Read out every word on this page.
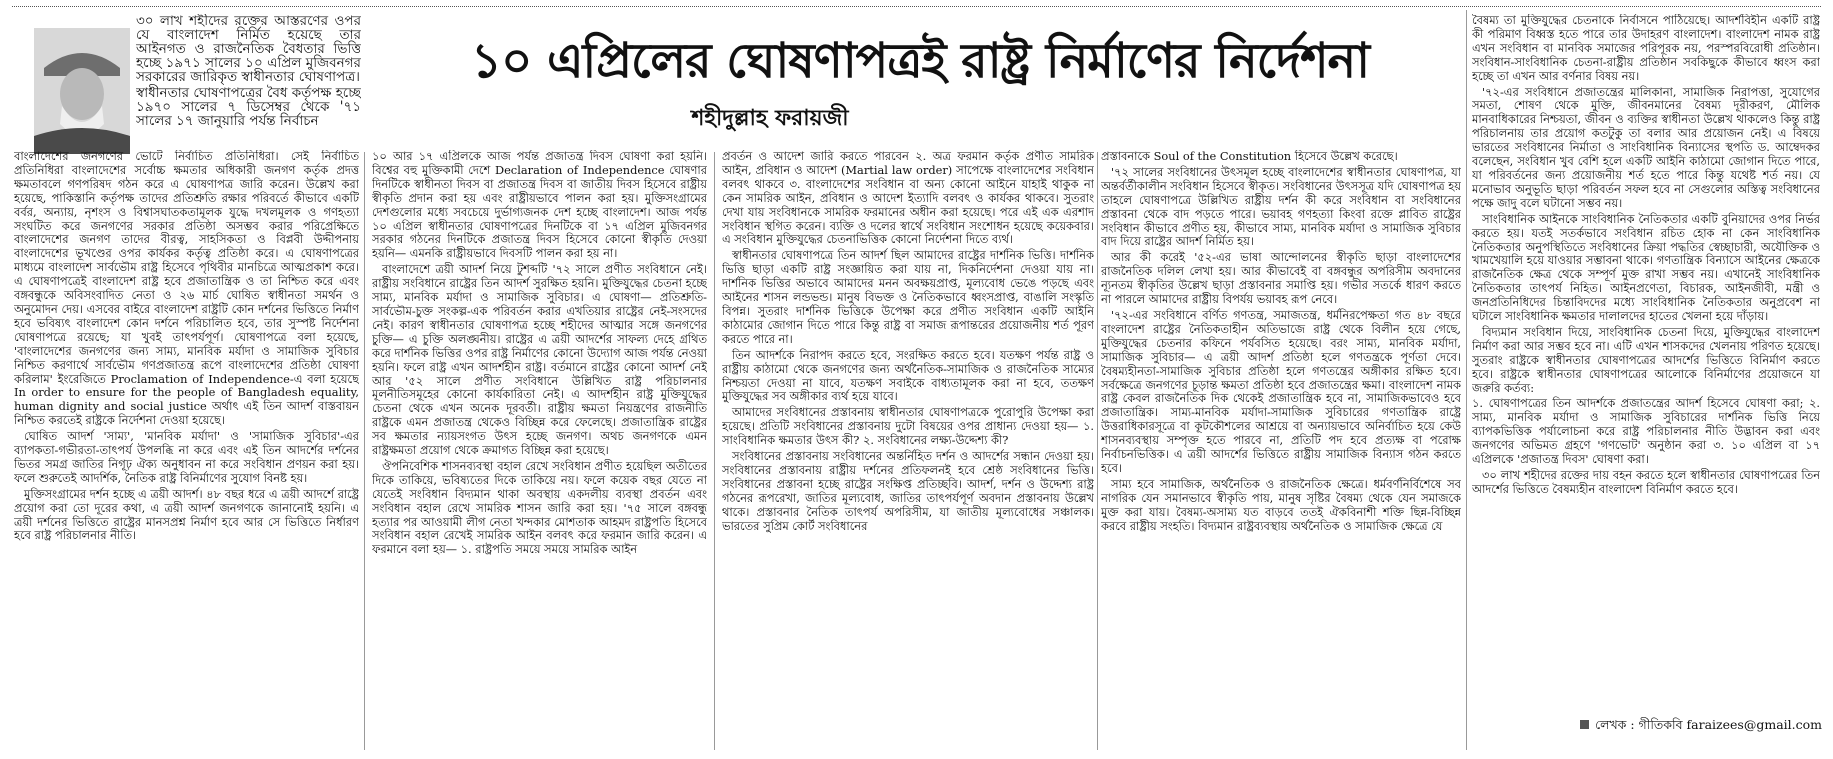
৩০ লাখ শহীদের রক্তের আস্তরণের ওপর যে বাংলাদেশ নির্মিত হয়েছে তার আইনগত ও রাজনৈতিক বৈধতার ভিত্তি হচ্ছে ১৯৭১ সালের ১০ এপ্রিল মুজিবনগর সরকারের জারিকৃত স্বাধীনতার ঘোষণাপত্র।

স্বাধীনতার ঘোষণাপত্রের বৈধ কর্তৃপক্ষ হচ্ছে ১৯৭০ সালের ৭ ডিসেম্বর থেকে '৭১ সালের ১৭ জানুয়ারি পর্যন্ত নির্বাচন

১০ এপ্রিলের ঘোষণাপত্রই রাষ্ট্র নির্মাণের নির্দেশনা
শহীদুল্লাহ ফরায়জী

বাংলাদেশের জনগণের ভোটে নির্বাচিত প্রতিনিধিরা। সেই নির্বাচিত প্রতিনিধিরা বাংলাদেশের সর্বোচ্চ ক্ষমতার অধিকারী জনগণ কর্তৃক প্রদত্ত ক্ষমতাবলে গণপরিষদ গঠন করে এ ঘোষণাপত্র জারি করেন। উল্লেখ করা হয়েছে, পাকিস্তানি কর্তৃপক্ষ তাদের প্রতিশ্রুতি রক্ষার পরিবর্তে কীভাবে একটি বর্বর, অন্যায়, নৃশংস ও বিশ্বাসঘাতকতামূলক যুদ্ধে দখলমূলক ও গণহত্যা সংঘটিত করে জনগণের সরকার প্রতিষ্ঠা অসম্ভব করার পরিপ্রেক্ষিতে বাংলাদেশের জনগণ তাদের বীরত্ব, সাহসিকতা ও বিপ্লবী উদ্দীপনায় বাংলাদেশের ভূখণ্ডের ওপর কার্যকর কর্তৃত্ব প্রতিষ্ঠা করে। এ ঘোষণাপত্রের মাধ্যমে বাংলাদেশ সার্বভৌম রাষ্ট্র হিসেবে পৃথিবীর মানচিত্রে আত্মপ্রকাশ করে। এ ঘোষণাপত্রেই বাংলাদেশ রাষ্ট্র হবে প্রজাতান্ত্রিক ও তা নিশ্চিত করে এবং বঙ্গবন্ধুকে অবিসংবাদিত নেতা ও ২৬ মার্চ ঘোষিত স্বাধীনতা সমর্থন ও অনুমোদন দেয়। এসবের বাইরে বাংলাদেশ রাষ্ট্রটি কোন দর্শনের ভিত্তিতে নির্মাণ হবে ভবিষ্যৎ বাংলাদেশ কোন দর্শনে পরিচালিত হবে, তার সুস্পষ্ট নির্দেশনা ঘোষণাপত্রে রয়েছে; যা খুবই তাৎপর্যপূর্ণ। ঘোষণাপত্রে বলা হয়েছে, 'বাংলাদেশের জনগণের জন্য সাম্য, মানবিক মর্যাদা ও সামাজিক সুবিচার নিশ্চিত করণার্থে সার্বভৌম গণপ্রজাতন্ত্র রূপে বাংলাদেশের প্রতিষ্ঠা ঘোষণা করিলাম' ইংরেজিতে Proclamation of Independence-এ বলা হয়েছে In order to ensure for the people of Bangladesh equality, human dignity and social justice অর্থাৎ এই তিন আদর্শ বাস্তবায়ন নিশ্চিত করতেই রাষ্ট্রকে নির্দেশনা দেওয়া হয়েছে।

ঘোষিত আদর্শ 'সাম্য', 'মানবিক মর্যাদা' ও 'সামাজিক সুবিচার'-এর ব্যাপকতা-গভীরতা-তাৎপর্য উপলব্ধি না করে এবং এই তিন আদর্শের দর্শনের ভিতর সমগ্র জাতির নিগূঢ় ঐক্য অনুধাবন না করে সংবিধান প্রণয়ন করা হয়। ফলে শুরুতেই আদর্শিক, নৈতিক রাষ্ট্র বিনির্মাণের সুযোগ বিনষ্ট হয়।

মুক্তিসংগ্রামের দর্শন হচ্ছে এ ত্রয়ী আদর্শ। ৪৮ বছর ধরে এ ত্রয়ী আদর্শে রাষ্ট্রে প্রয়োগ করা তো দূরের কথা, এ ত্রয়ী আদর্শ জনগণকে জানানোই হয়নি। এ ত্রয়ী দর্শনের ভিত্তিতে রাষ্ট্রের মানসপ্রশ্ন নির্মাণ হবে আর সে ভিত্তিতে নির্ধারণ হবে রাষ্ট্র পরিচালনার নীতি।

১০ আর ১৭ এপ্রিলকে আজ পর্যন্ত প্রজাতন্ত্র দিবস ঘোষণা করা হয়নি। বিশ্বের বহু মুক্তিকামী দেশে Declaration of Independence ঘোষণার দিনটিকে স্বাধীনতা দিবস বা প্রজাতন্ত্র দিবস বা জাতীয় দিবস হিসেবে রাষ্ট্রীয় স্বীকৃতি প্রদান করা হয় এবং রাষ্ট্রীয়ভাবে পালন করা হয়। মুক্তিসংগ্রামের দেশগুলোর মধ্যে সবচেয়ে দুর্ভাগ্যজনক দেশ হচ্ছে বাংলাদেশ। আজ পর্যন্ত ১০ এপ্রিল স্বাধীনতার ঘোষণাপত্রের দিনটিকে বা ১৭ এপ্রিল মুজিবনগর সরকার গঠনের দিনটিকে প্রজাতন্ত্র দিবস হিসেবে কোনো স্বীকৃতি দেওয়া হয়নি— এমনকি রাষ্ট্রীয়ভাবে দিবসটি পালন করা হয় না।

বাংলাদেশে ত্রয়ী আদর্শ নিয়ে টুশব্দটি '৭২ সালে প্রণীত সংবিধানে নেই। রাষ্ট্রীয় সংবিধানে রাষ্ট্রের তিন আদর্শ সুরক্ষিত হয়নি। মুক্তিযুদ্ধের চেতনা হচ্ছে সাম্য, মানবিক মর্যাদা ও সামাজিক সুবিচার। এ ঘোষণা— প্রতিশ্রুতি-সার্বভৌম-চুক্ত সংকল্প-এক পরিবর্তন করার এখতিয়ার রাষ্ট্রের নেই-সংসদের নেই। কারণ স্বাধীনতার ঘোষণাপত্র হচ্ছে শহীদের আত্মার সঙ্গে জনগণের চুক্তি— এ চুক্তি অলঙ্ঘনীয়। রাষ্ট্রের এ ত্রয়ী আদর্শের সাফল্য দেহে গ্রথিত করে দার্শনিক ভিত্তির ওপর রাষ্ট্র নির্মাণের কোনো উদ্যোগ আজ পর্যন্ত নেওয়া হয়নি। ফলে রাষ্ট্র এখন আদর্শহীন রাষ্ট্র। বর্তমানে রাষ্ট্রের কোনো আদর্শ নেই আর '৫২ সালে প্রণীত সংবিধানে উল্লিখিত রাষ্ট্র পরিচালনার মূলনীতিসমূহের কোনো কার্যকারিতা নেই। এ আদর্শহীন রাষ্ট্র মুক্তিযুদ্ধের চেতনা থেকে এখন অনেক দূরবর্তী। রাষ্ট্রীয় ক্ষমতা নিয়ন্ত্রণের রাজনীতি রাষ্ট্রকে এমন প্রজাতন্ত্র থেকেও বিচ্ছিন্ন করে ফেলেছে। প্রজাতান্ত্রিক রাষ্ট্রের সব ক্ষমতার ন্যায়সংগত উৎস হচ্ছে জনগণ। অথচ জনগণকে এমন রাষ্ট্রক্ষমতা প্রয়োগ থেকে ক্রমাগত বিচ্ছিন্ন করা হয়েছে।

ঔপনিবেশিক শাসনব্যবস্থা বহাল রেখে সংবিধান প্রণীত হয়েছিল অতীতের দিকে তাকিয়ে, ভবিষ্যতের দিকে তাকিয়ে নয়। ফলে কয়েক বছর যেতে না যেতেই সংবিধান বিদ্যমান থাকা অবস্থায় একদলীয় ব্যবস্থা প্রবর্তন এবং সংবিধান বহাল রেখে সামরিক শাসন জারি করা হয়। '৭৫ সালে বঙ্গবন্ধু হত্যার পর আওয়ামী লীগ নেতা খন্দকার মোশতাক আহমদ রাষ্ট্রপতি হিসেবে সংবিধান বহাল রেখেই সামরিক আইন বলবৎ করে ফরমান জারি করেন। এ ফরমানে বলা হয়— ১. রাষ্ট্রপতি সময়ে সময়ে সামরিক আইন

প্রবর্তন ও আদেশ জারি করতে পারবেন ২. অত্র ফরমান কর্তৃক প্রণীত সামরিক আইন, প্রবিধান ও আদেশ (Martial law order) সাপেক্ষে বাংলাদেশের সংবিধান বলবৎ থাকবে ৩. বাংলাদেশের সংবিধান বা অন্য কোনো আইনে যাহাই থাকুক না কেন সামরিক আইন, প্রবিধান ও আদেশ ইত্যাদি বলবৎ ও কার্যকর থাকবে। সুতরাং দেখা যায় সংবিধানকে সামরিক ফরমানের অধীন করা হয়েছে। পরে এই এক এরশাদ সংবিধান স্থগিত করেন। ব্যক্তি ও দলের স্বার্থে সংবিধান সংশোধন হয়েছে কয়েকবার। এ সংবিধান মুক্তিযুদ্ধের চেতনাভিত্তিক কোনো নির্দেশনা দিতে ব্যর্থ।

স্বাধীনতার ঘোষণাপত্রে তিন আদর্শ ছিল আমাদের রাষ্ট্রের দার্শনিক ভিত্তি। দার্শনিক ভিত্তি ছাড়া একটি রাষ্ট্র সংজ্ঞায়িত করা যায় না, দিকনির্দেশনা দেওয়া যায় না। দার্শনিক ভিত্তির অভাবে আমাদের মনন অবক্ষয়প্রাপ্ত, মূল্যবোধ ভেঙে পড়ছে এবং আইনের শাসন লন্ডভন্ড। মানুষ বিভক্ত ও নৈতিকভাবে ধ্বংসপ্রাপ্ত, বাঙালি সংস্কৃতি বিপন্ন। সুতরাং দার্শনিক ভিত্তিকে উপেক্ষা করে প্রণীত সংবিধান একটি আইনি কাঠামোর জোগান দিতে পারে কিন্তু রাষ্ট্র বা সমাজ রূপান্তরের প্রয়োজনীয় শর্ত পূরণ করতে পারে না।

তিন আদর্শকে নিরাপদ করতে হবে, সংরক্ষিত করতে হবে। যতক্ষণ পর্যন্ত রাষ্ট্র ও রাষ্ট্রীয় কাঠামো থেকে জনগণের জন্য অর্থনৈতিক-সামাজিক ও রাজনৈতিক সাম্যের নিশ্চয়তা দেওয়া না যাবে, যতক্ষণ সবাইকে বাধ্যতামূলক করা না হবে, ততক্ষণ মুক্তিযুদ্ধের সব অঙ্গীকার ব্যর্থ হয়ে যাবে।

আমাদের সংবিধানের প্রস্তাবনায় স্বাধীনতার ঘোষণাপত্রকে পুরোপুরি উপেক্ষা করা হয়েছে। প্রতিটি সংবিধানের প্রস্তাবনায় দুটো বিষয়ের ওপর প্রাধান্য দেওয়া হয়— ১. সাংবিধানিক ক্ষমতার উৎস কী? ২. সংবিধানের লক্ষ্য-উদ্দেশ্য কী?

সংবিধানের প্রস্তাবনায় সংবিধানের অন্তর্নিহিত দর্শন ও আদর্শের সন্ধান দেওয়া হয়। সংবিধানের প্রস্তাবনায় রাষ্ট্রীয় দর্শনের প্রতিফলনই হবে শ্রেষ্ঠ সংবিধানের ভিত্তি। সংবিধানের প্রস্তাবনা হচ্ছে রাষ্ট্রের সংক্ষিপ্ত প্রতিচ্ছবি। আদর্শ, দর্শন ও উদ্দেশ্য রাষ্ট্র গঠনের রূপরেখা, জাতির মূল্যবোধ, জাতির তাৎপর্যপূর্ণ অবদান প্রস্তাবনায় উল্লেখ থাকে। প্রস্তাবনার নৈতিক তাৎপর্য অপরিসীম, যা জাতীয় মূল্যবোধের সঞ্চালক। ভারতের সুপ্রিম কোর্ট সংবিধানের

প্রস্তাবনাকে Soul of the Constitution হিসেবে উল্লেখ করেছে।

'৭২ সালের সংবিধানের উৎসমূল হচ্ছে বাংলাদেশের স্বাধীনতার ঘোষণাপত্র, যা অন্তর্বর্তীকালীন সংবিধান হিসেবে স্বীকৃত। সংবিধানের উৎসসূত্র যদি ঘোষণাপত্র হয় তাহলে ঘোষণাপত্রে উল্লিখিত রাষ্ট্রীয় দর্শন কী করে সংবিধান বা সংবিধানের প্রস্তাবনা থেকে বাদ পড়তে পারে। ভয়াবহ গণহত্যা কিংবা রক্তে প্লাবিত রাষ্ট্রের সংবিধান কীভাবে প্রণীত হয়, কীভাবে সাম্য, মানবিক মর্যাদা ও সামাজিক সুবিচার বাদ দিয়ে রাষ্ট্রের আদর্শ নির্মিত হয়।

আর কী করেই '৫২-এর ভাষা আন্দোলনের স্বীকৃতি ছাড়া বাংলাদেশের রাজনৈতিক দলিল লেখা হয়। আর কীভাবেই বা বঙ্গবন্ধুর অপরিসীম অবদানের ন্যূনতম স্বীকৃতির উল্লেখ ছাড়া প্রস্তাবনার সমাপ্তি হয়। গভীর সতর্কে ধারণ করতে না পারলে আমাদের রাষ্ট্রীয় বিপর্যয় ভয়াবহ রূপ নেবে।

'৭২-এর সংবিধানে বর্ণিত গণতন্ত্র, সমাজতন্ত্র, ধর্মনিরপেক্ষতা গত ৪৮ বছরে বাংলাদেশ রাষ্ট্রের নৈতিকতাহীন অতিভাজে রাষ্ট্র থেকে বিলীন হয়ে গেছে, মুক্তিযুদ্ধের চেতনার কফিনে পর্যবসিত হয়েছে। বরং সাম্য, মানবিক মর্যাদা, সামাজিক সুবিচার— এ ত্রয়ী আদর্শ প্রতিষ্ঠা হলে গণতন্ত্রকে পূর্ণতা দেবে। বৈষম্যহীনতা-সামাজিক সুবিচার প্রতিষ্ঠা হলে গণতন্ত্রের অঙ্গীকার রক্ষিত হবে। সর্বক্ষেত্রে জনগণের চূড়ান্ত ক্ষমতা প্রতিষ্ঠা হবে প্রজাতন্ত্রের ক্ষমা। বাংলাদেশ নামক রাষ্ট্র কেবল রাজনৈতিক দিক থেকেই প্রজাতান্ত্রিক হবে না, সামাজিকভাবেও হবে প্রজাতান্ত্রিক। সাম্য-মানবিক মর্যাদা-সামাজিক সুবিচারের গণতান্ত্রিক রাষ্ট্রে উত্তরাধিকারসূত্রে বা কূটকৌশলের আশ্রয়ে বা অন্যায়ভাবে অনির্বাচিত হয়ে কেউ শাসনব্যবস্থায় সম্পৃক্ত হতে পারবে না, প্রতিটি পদ হবে প্রত্যক্ষ বা পরোক্ষ নির্বাচনভিত্তিক। এ ত্রয়ী আদর্শের ভিত্তিতে রাষ্ট্রীয় সামাজিক বিন্যাস গঠন করতে হবে।

সাম্য হবে সামাজিক, অর্থনৈতিক ও রাজনৈতিক ক্ষেত্রে। ধর্মবর্ণনির্বিশেষে সব নাগরিক যেন সমানভাবে স্বীকৃতি পায়, মানুষ সৃষ্টির বৈষম্য থেকে যেন সমাজকে মুক্ত করা যায়। বৈষম্য-অসাম্য যত বাড়বে ততই ঐকবিনাশী শক্তি ছিন্ন-বিচ্ছিন্ন করবে রাষ্ট্রীয় সংহতি। বিদ্যমান রাষ্ট্রব্যবস্থায় অর্থনৈতিক ও সামাজিক ক্ষেত্রে যে

বৈষম্য তা মুক্তিযুদ্ধের চেতনাকে নির্বাসনে পাঠিয়েছে। আদর্শবিহীন একটি রাষ্ট্র কী পরিমাণ বিধ্বস্ত হতে পারে তার উদাহরণ বাংলাদেশ। বাংলাদেশ নামক রাষ্ট্র এখন সংবিধান বা মানবিক সমাজের পরিপূরক নয়, পরস্পরবিরোধী প্রতিষ্ঠান। সংবিধান-সাংবিধানিক চেতনা-রাষ্ট্রীয় প্রতিষ্ঠান সবকিছুকে কীভাবে ধ্বংস করা হচ্ছে তা এখন আর বর্ণনার বিষয় নয়।

'৭২-এর সংবিধানে প্রজাতন্ত্রের মালিকানা, সামাজিক নিরাপত্তা, সুযোগের সমতা, শোষণ থেকে মুক্তি, জীবনমানের বৈষম্য দূরীকরণ, মৌলিক মানবাধিকারের নিশ্চয়তা, জীবন ও ব্যক্তির স্বাধীনতা উল্লেখ থাকলেও কিন্তু রাষ্ট্র পরিচালনায় তার প্রয়োগ কতটুকু তা বলার আর প্রয়োজন নেই। এ বিষয়ে ভারতের সংবিধানের নির্মাতা ও সাংবিধানিক বিন্যাসের স্থপতি ড. আম্বেদকর বলেছেন, সংবিধান খুব বেশি হলে একটি আইনি কাঠামো জোগান দিতে পারে, যা পরিবর্তনের জন্য প্রয়োজনীয় শর্ত হতে পারে কিন্তু যথেষ্ট শর্ত নয়। যে মনোভাব অনুভূতি ছাড়া পরিবর্তন সফল হবে না সেগুলোর অস্তিত্ব সংবিধানের পক্ষে জাদু বলে ঘটানো সম্ভব নয়।

সাংবিধানিক আইনকে সাংবিধানিক নৈতিকতার একটি বুনিয়াদের ওপর নির্ভর করতে হয়। যতই সতর্কভাবে সংবিধান রচিত হোক না কেন সাংবিধানিক নৈতিকতার অনুপস্থিতিতে সংবিধানের ক্রিয়া পদ্ধতির স্বেচ্ছাচারী, অযৌক্তিক ও খামখেয়ালি হয়ে যাওয়ার সম্ভাবনা থাকে। গণতান্ত্রিক বিন্যাসে আইনের ক্ষেত্রকে রাজনৈতিক ক্ষেত্র থেকে সম্পূর্ণ মুক্ত রাখা সম্ভব নয়। এখানেই সাংবিধানিক নৈতিকতার তাৎপর্য নিহিত। আইনপ্রণেতা, বিচারক, আইনজীবী, মন্ত্রী ও জনপ্রতিনিধিদের চিন্তাবিদদের মধ্যে সাংবিধানিক নৈতিকতার অনুপ্রবেশ না ঘটালে সাংবিধানিক ক্ষমতার দালালদের হাতের খেলনা হয়ে দাঁড়ায়।

বিদ্যমান সংবিধান দিয়ে, সাংবিধানিক চেতনা দিয়ে, মুক্তিযুদ্ধের বাংলাদেশ নির্মাণ করা আর সম্ভব হবে না। এটি এখন শাসকদের খেলনায় পরিণত হয়েছে। সুতরাং রাষ্ট্রকে স্বাধীনতার ঘোষণাপত্রের আদর্শের ভিত্তিতে বিনির্মাণ করতে হবে। রাষ্ট্রকে স্বাধীনতার ঘোষণাপত্রের আলোকে বিনির্মাণের প্রয়োজনে যা জরুরি কর্তব্য:

১. ঘোষণাপত্রের তিন আদর্শকে প্রজাতন্ত্রের আদর্শ হিসেবে ঘোষণা করা; ২. সাম্য, মানবিক মর্যাদা ও সামাজিক সুবিচারের দার্শনিক ভিত্তি নিয়ে ব্যাপকভিত্তিক পর্যালোচনা করে রাষ্ট্র পরিচালনার নীতি উদ্ভাবন করা এবং জনগণের অভিমত গ্রহণে 'গণভোট' অনুষ্ঠান করা ৩. ১০ এপ্রিল বা ১৭ এপ্রিলকে 'প্রজাতন্ত্র দিবস' ঘোষণা করা।

৩০ লাখ শহীদের রক্তের দায় বহন করতে হলে স্বাধীনতার ঘোষণাপত্রের তিন আদর্শের ভিত্তিতে বৈষম্যহীন বাংলাদেশ বিনির্মাণ করতে হবে।

লেখক : গীতিকবি faraizees@gmail.com
